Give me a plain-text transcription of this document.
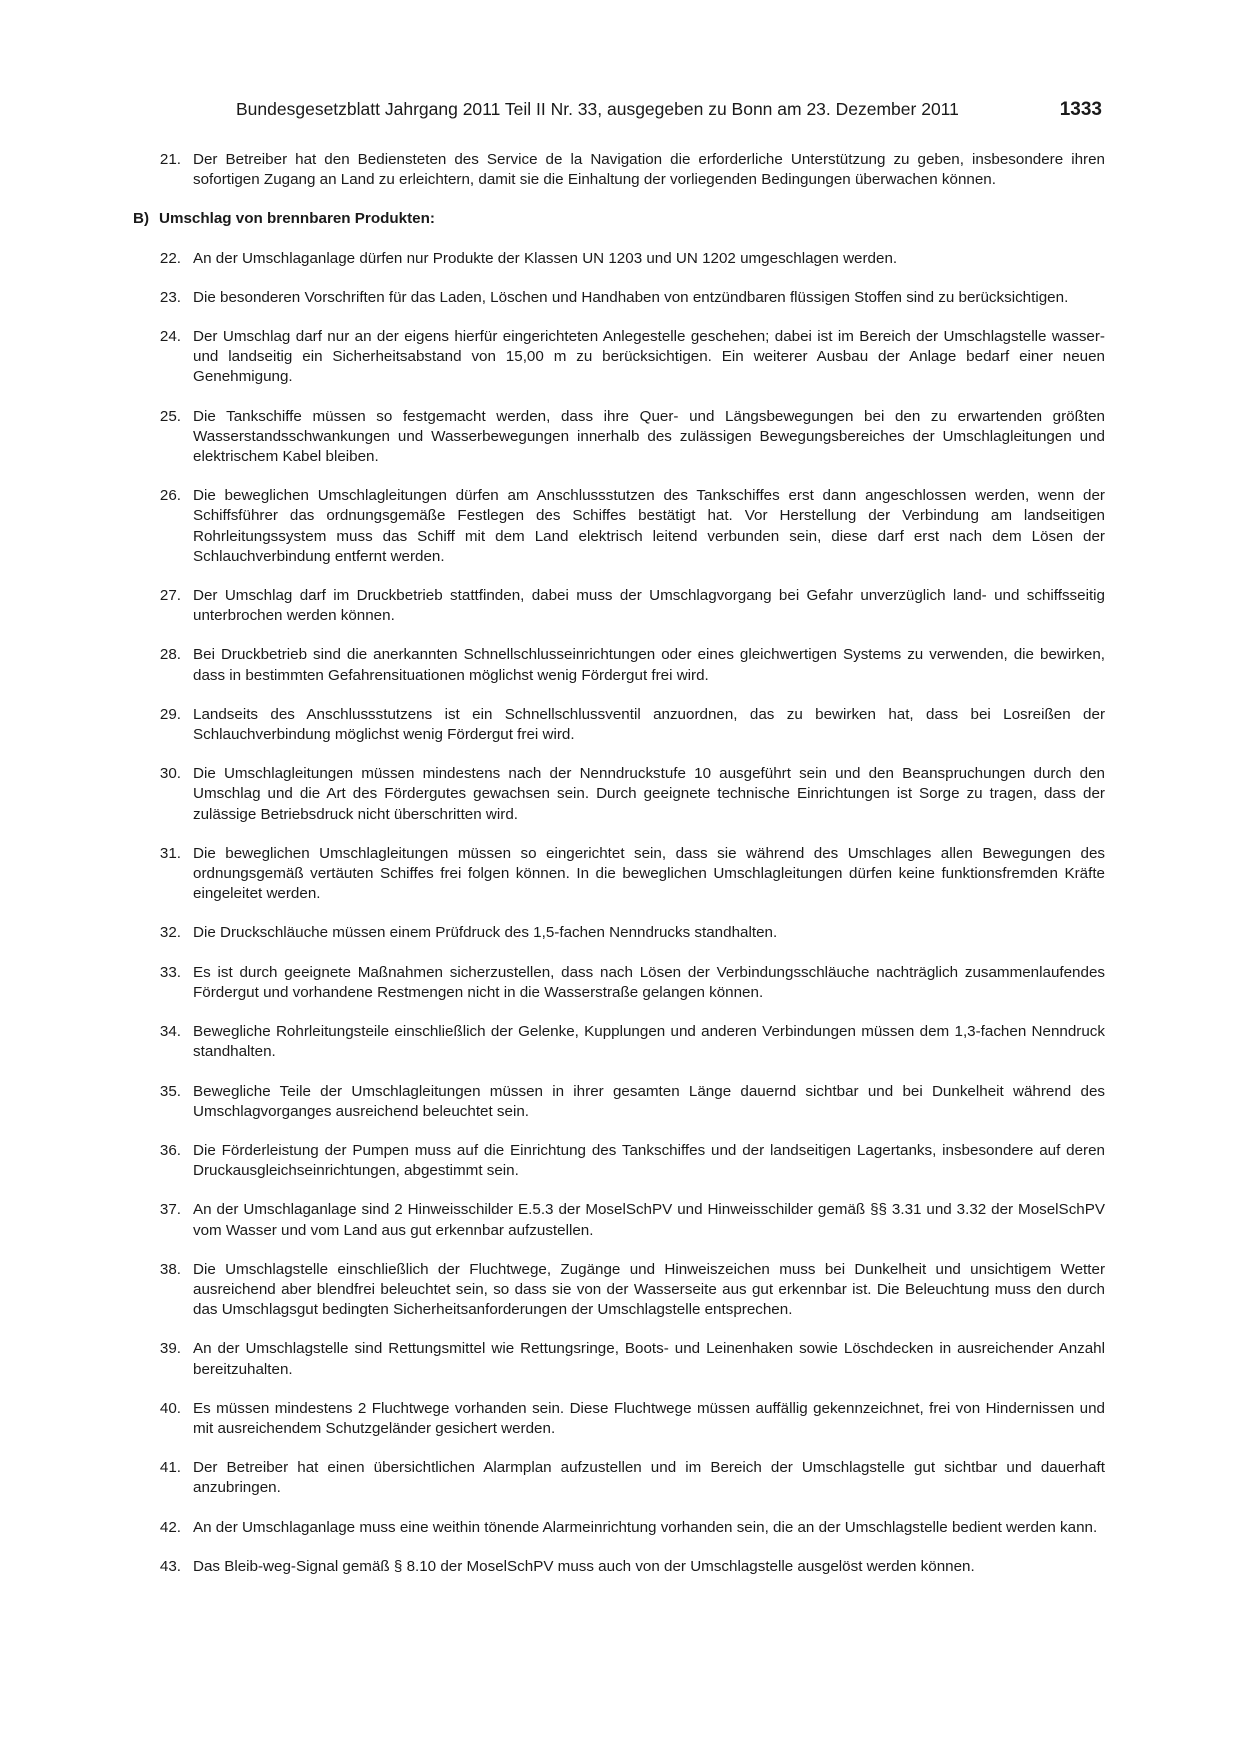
Bundesgesetzblatt Jahrgang 2011 Teil II Nr. 33, ausgegeben zu Bonn am 23. Dezember 2011	1333
21. Der Betreiber hat den Bediensteten des Service de la Navigation die erforderliche Unterstützung zu geben, insbesondere ihren sofortigen Zugang an Land zu erleichtern, damit sie die Einhaltung der vorliegenden Bedingungen überwachen können.
B) Umschlag von brennbaren Produkten:
22. An der Umschlaganlage dürfen nur Produkte der Klassen UN 1203 und UN 1202 umgeschlagen werden.
23. Die besonderen Vorschriften für das Laden, Löschen und Handhaben von entzündbaren flüssigen Stoffen sind zu berücksichtigen.
24. Der Umschlag darf nur an der eigens hierfür eingerichteten Anlegestelle geschehen; dabei ist im Bereich der Umschlagstelle wasser- und landseitig ein Sicherheitsabstand von 15,00 m zu berücksichtigen. Ein weiterer Ausbau der Anlage bedarf einer neuen Genehmigung.
25. Die Tankschiffe müssen so festgemacht werden, dass ihre Quer- und Längsbewegungen bei den zu erwartenden größten Wasserstandsschwankungen und Wasserbewegungen innerhalb des zulässigen Bewegungsbereiches der Umschlagleitungen und elektrischem Kabel bleiben.
26. Die beweglichen Umschlagleitungen dürfen am Anschlussstutzen des Tankschiffes erst dann angeschlossen werden, wenn der Schiffsführer das ordnungsgemäße Festlegen des Schiffes bestätigt hat. Vor Herstellung der Verbindung am landseitigen Rohrleitungssystem muss das Schiff mit dem Land elektrisch leitend verbunden sein, diese darf erst nach dem Lösen der Schlauchverbindung entfernt werden.
27. Der Umschlag darf im Druckbetrieb stattfinden, dabei muss der Umschlagvorgang bei Gefahr unverzüglich land- und schiffsseitig unterbrochen werden können.
28. Bei Druckbetrieb sind die anerkannten Schnellschlusseinrichtungen oder eines gleichwertigen Systems zu verwenden, die bewirken, dass in bestimmten Gefahrensituationen möglichst wenig Fördergut frei wird.
29. Landseits des Anschlussstutzens ist ein Schnellschlussventil anzuordnen, das zu bewirken hat, dass bei Losreißen der Schlauchverbindung möglichst wenig Fördergut frei wird.
30. Die Umschlagleitungen müssen mindestens nach der Nenndruckstufe 10 ausgeführt sein und den Beanspruchungen durch den Umschlag und die Art des Fördergutes gewachsen sein. Durch geeignete technische Einrichtungen ist Sorge zu tragen, dass der zulässige Betriebsdruck nicht überschritten wird.
31. Die beweglichen Umschlagleitungen müssen so eingerichtet sein, dass sie während des Umschlages allen Bewegungen des ordnungsgemäß vertäuten Schiffes frei folgen können. In die beweglichen Umschlagleitungen dürfen keine funktionsfremden Kräfte eingeleitet werden.
32. Die Druckschläuche müssen einem Prüfdruck des 1,5-fachen Nenndrucks standhalten.
33. Es ist durch geeignete Maßnahmen sicherzustellen, dass nach Lösen der Verbindungsschläuche nachträglich zusammenlaufendes Fördergut und vorhandene Restmengen nicht in die Wasserstraße gelangen können.
34. Bewegliche Rohrleitungsteile einschließlich der Gelenke, Kupplungen und anderen Verbindungen müssen dem 1,3-fachen Nenndruck standhalten.
35. Bewegliche Teile der Umschlagleitungen müssen in ihrer gesamten Länge dauernd sichtbar und bei Dunkelheit während des Umschlagvorganges ausreichend beleuchtet sein.
36. Die Förderleistung der Pumpen muss auf die Einrichtung des Tankschiffes und der landseitigen Lagertanks, insbesondere auf deren Druckausgleichseinrichtungen, abgestimmt sein.
37. An der Umschlaganlage sind 2 Hinweisschilder E.5.3 der MoselSchPV und Hinweisschilder gemäß §§ 3.31 und 3.32 der MoselSchPV vom Wasser und vom Land aus gut erkennbar aufzustellen.
38. Die Umschlagstelle einschließlich der Fluchtwege, Zugänge und Hinweiszeichen muss bei Dunkelheit und unsichtigem Wetter ausreichend aber blendfrei beleuchtet sein, so dass sie von der Wasserseite aus gut erkennbar ist. Die Beleuchtung muss den durch das Umschlagsgut bedingten Sicherheitsanforderungen der Umschlagstelle entsprechen.
39. An der Umschlagstelle sind Rettungsmittel wie Rettungsringe, Boots- und Leinenhaken sowie Löschdecken in ausreichender Anzahl bereitzuhalten.
40. Es müssen mindestens 2 Fluchtwege vorhanden sein. Diese Fluchtwege müssen auffällig gekennzeichnet, frei von Hindernissen und mit ausreichendem Schutzgeländer gesichert werden.
41. Der Betreiber hat einen übersichtlichen Alarmplan aufzustellen und im Bereich der Umschlagstelle gut sichtbar und dauerhaft anzubringen.
42. An der Umschlaganlage muss eine weithin tönende Alarmeinrichtung vorhanden sein, die an der Umschlagstelle bedient werden kann.
43. Das Bleib-weg-Signal gemäß § 8.10 der MoselSchPV muss auch von der Umschlagstelle ausgelöst werden können.
